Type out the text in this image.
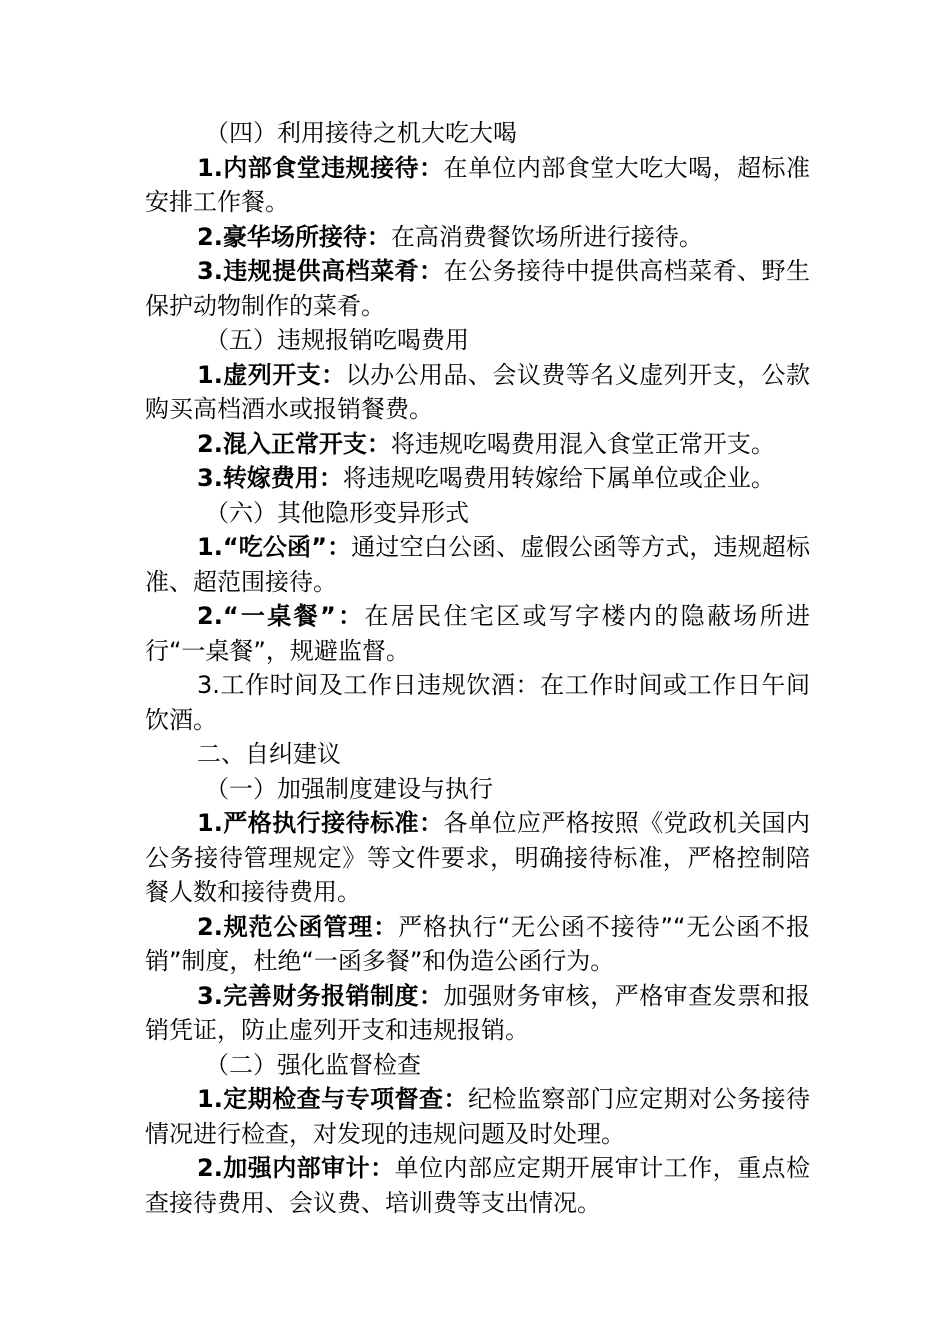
（四）利用接待之机大吃大喝

1.内部食堂违规接待：在单位内部食堂大吃大喝，超标准安排工作餐。

2.豪华场所接待：在高消费餐饮场所进行接待。

3.违规提供高档菜肴：在公务接待中提供高档菜肴、野生保护动物制作的菜肴。

（五）违规报销吃喝费用

1.虚列开支：以办公用品、会议费等名义虚列开支，公款购买高档酒水或报销餐费。

2.混入正常开支：将违规吃喝费用混入食堂正常开支。

3.转嫁费用：将违规吃喝费用转嫁给下属单位或企业。

（六）其他隐形变异形式

1.“吃公函”：通过空白公函、虚假公函等方式，违规超标准、超范围接待。

2.“一桌餐”：在居民住宅区或写字楼内的隐蔽场所进行“一桌餐”，规避监督。

3.工作时间及工作日违规饮酒：在工作时间或工作日午间饮酒。

二、自纠建议

（一）加强制度建设与执行

1.严格执行接待标准：各单位应严格按照《党政机关国内公务接待管理规定》等文件要求，明确接待标准，严格控制陪餐人数和接待费用。

2.规范公函管理：严格执行“无公函不接待”“无公函不报销”制度，杜绝“一函多餐”和伪造公函行为。

3.完善财务报销制度：加强财务审核，严格审查发票和报销凭证，防止虚列开支和违规报销。

（二）强化监督检查

1.定期检查与专项督查：纪检监察部门应定期对公务接待情况进行检查，对发现的违规问题及时处理。

2.加强内部审计：单位内部应定期开展审计工作，重点检查接待费用、会议费、培训费等支出情况。
